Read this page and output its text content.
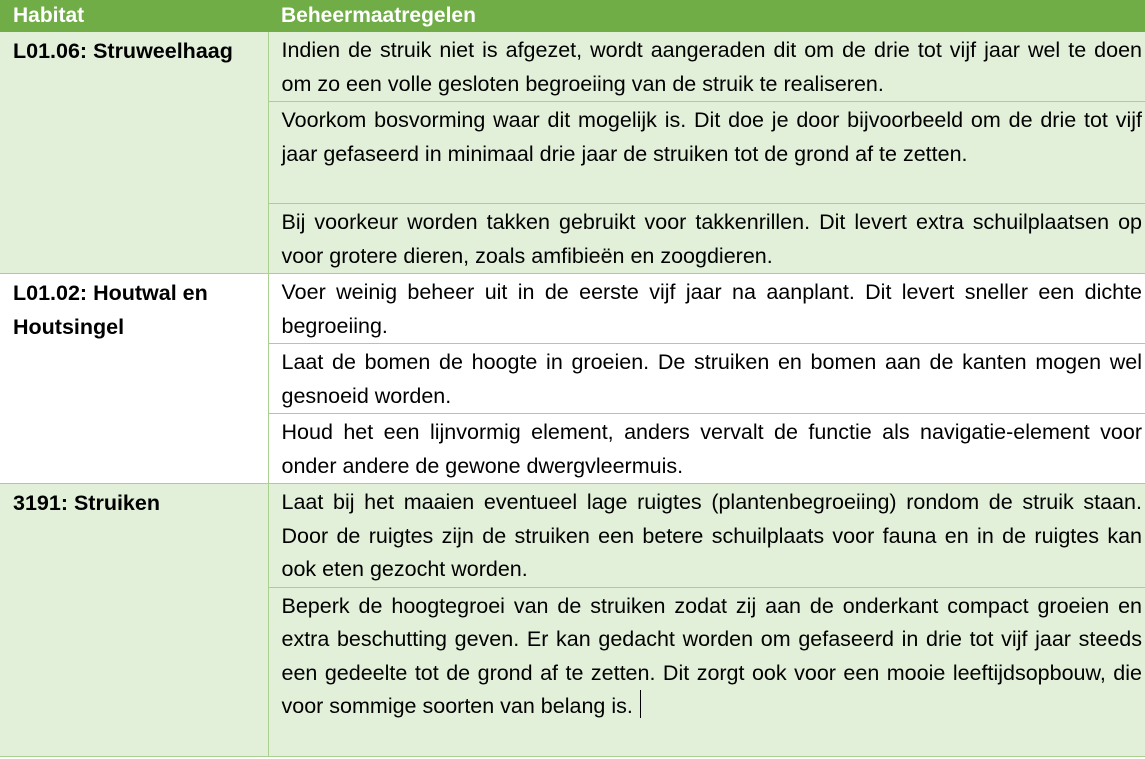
Habitat	Beheermaatregelen
L01.06: Struweelhaag	Indien de struik niet is afgezet, wordt aangeraden dit om de drie tot vijf jaar wel te doen om zo een volle gesloten begroeiing van de struik te realiseren.
	Voorkom bosvorming waar dit mogelijk is. Dit doe je door bijvoorbeeld om de drie tot vijf jaar gefaseerd in minimaal drie jaar de struiken tot de grond af te zetten.
	Bij voorkeur worden takken gebruikt voor takkenrillen. Dit levert extra schuilplaatsen op voor grotere dieren, zoals amfibieën en zoogdieren.
L01.02: Houtwal en Houtsingel	Voer weinig beheer uit in de eerste vijf jaar na aanplant. Dit levert sneller een dichte begroeiing.
	Laat de bomen de hoogte in groeien. De struiken en bomen aan de kanten mogen wel gesnoeid worden.
	Houd het een lijnvormig element, anders vervalt de functie als navigatie-element voor onder andere de gewone dwergvleermuis.
3191: Struiken	Laat bij het maaien eventueel lage ruigtes (plantenbegroeiing) rondom de struik staan. Door de ruigtes zijn de struiken een betere schuilplaats voor fauna en in de ruigtes kan ook eten gezocht worden.
	Beperk de hoogtegroei van de struiken zodat zij aan de onderkant compact groeien en extra beschutting geven. Er kan gedacht worden om gefaseerd in drie tot vijf jaar steeds een gedeelte tot de grond af te zetten. Dit zorgt ook voor een mooie leeftijdsopbouw, die voor sommige soorten van belang is.
